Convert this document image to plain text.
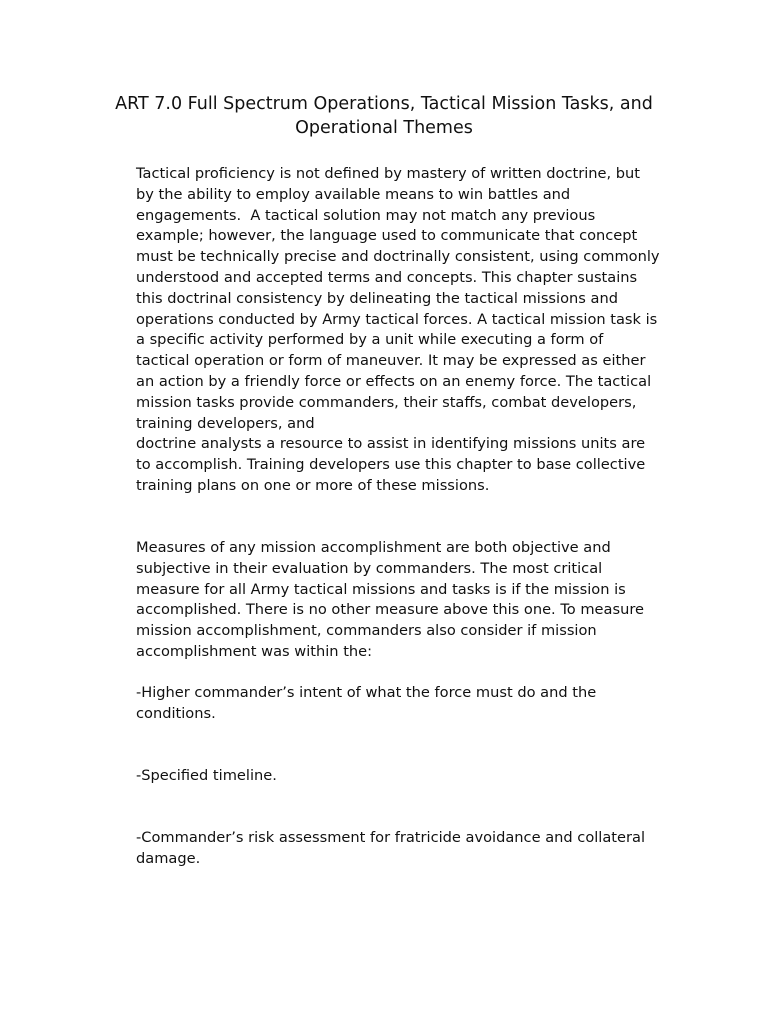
ART 7.0 Full Spectrum Operations, Tactical Mission Tasks, and
Operational Themes

Tactical proficiency is not defined by mastery of written doctrine, but
by the ability to employ available means to win battles and
engagements.  A tactical solution may not match any previous
example; however, the language used to communicate that concept
must be technically precise and doctrinally consistent, using commonly
understood and accepted terms and concepts. This chapter sustains
this doctrinal consistency by delineating the tactical missions and
operations conducted by Army tactical forces. A tactical mission task is
a specific activity performed by a unit while executing a form of
tactical operation or form of maneuver. It may be expressed as either
an action by a friendly force or effects on an enemy force. The tactical
mission tasks provide commanders, their staffs, combat developers,
training developers, and
doctrine analysts a resource to assist in identifying missions units are
to accomplish. Training developers use this chapter to base collective
training plans on one or more of these missions.

Measures of any mission accomplishment are both objective and
subjective in their evaluation by commanders. The most critical
measure for all Army tactical missions and tasks is if the mission is
accomplished. There is no other measure above this one. To measure
mission accomplishment, commanders also consider if mission
accomplishment was within the:

-Higher commander’s intent of what the force must do and the
conditions.

-Specified timeline.

-Commander’s risk assessment for fratricide avoidance and collateral
damage.
